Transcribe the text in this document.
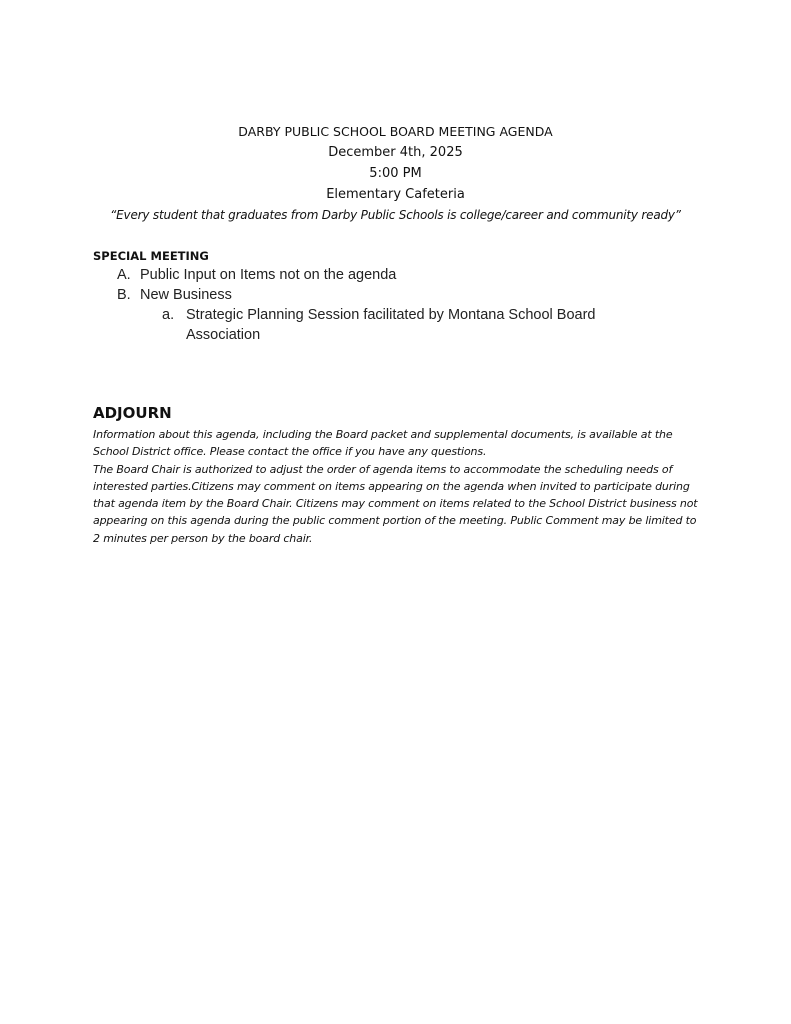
DARBY PUBLIC SCHOOL BOARD MEETING AGENDA
December 4th, 2025
5:00 PM
Elementary Cafeteria
“Every student that graduates from Darby Public Schools is college/career and community ready”
SPECIAL MEETING
A. Public Input on Items not on the agenda
B. New Business
a. Strategic Planning Session facilitated by Montana School Board Association
ADJOURN

Information about this agenda, including the Board packet and supplemental documents, is available at the School District office. Please contact the office if you have any questions.

The Board Chair is authorized to adjust the order of agenda items to accommodate the scheduling needs of interested parties.Citizens may comment on items appearing on the agenda when invited to participate during that agenda item by the Board Chair. Citizens may comment on items related to the School District business not appearing on this agenda during the public comment portion of the meeting. Public Comment may be limited to 2 minutes per person by the board chair.
